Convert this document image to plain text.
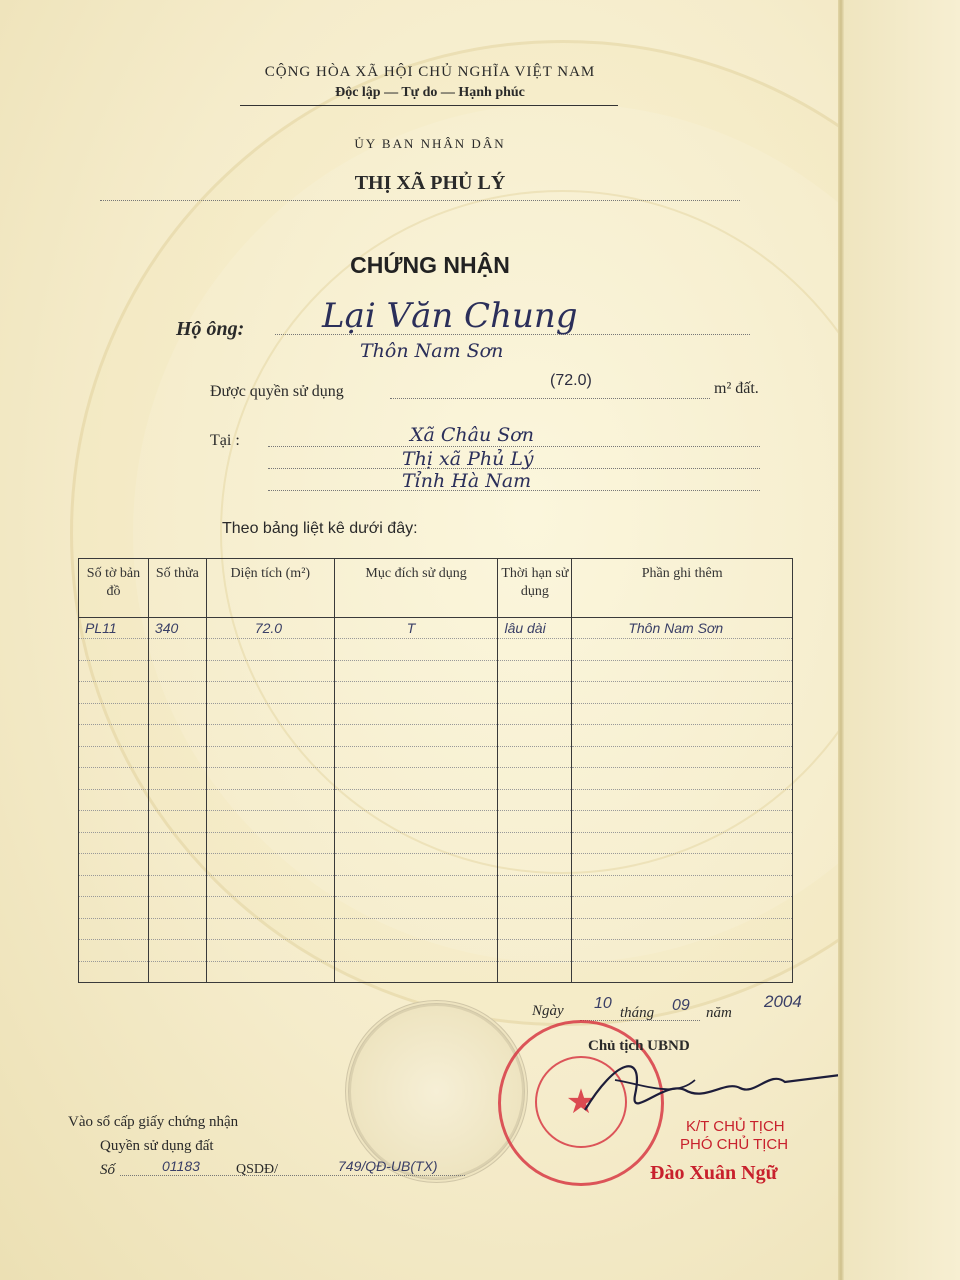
CỘNG HÒA XÃ HỘI CHỦ NGHĨA VIỆT NAM
Độc lập — Tự do — Hạnh phúc
ỦY BAN NHÂN DÂN
THỊ XÃ PHỦ LÝ
CHỨNG NHẬN
Hộ ông: Lại Văn Chung
Thôn Nam Sơn
Được quyền sử dụng
(72.0)	m² đất.
Tại :	Xã Châu Sơn
Thị xã Phủ Lý
Tỉnh Hà Nam
Theo bảng liệt kê dưới đây:
Số tờ bản đồ	Số thửa	Diện tích (m²)	Mục đích sử dụng	Thời hạn sử dụng	Phần ghi thêm
PL11	340	72.0	T	lâu dài	Thôn Nam Sơn

Ngày 10
tháng 09 năm
2004
★
Chủ tịch UBND
K/T CHỦ TỊCH
PHÓ CHỦ TỊCH
Đào Xuân Ngữ
Vào sổ cấp giấy chứng nhận
Quyền sử dụng đất
Số	01183	QSDĐ/	749/QĐ-UB(TX)
